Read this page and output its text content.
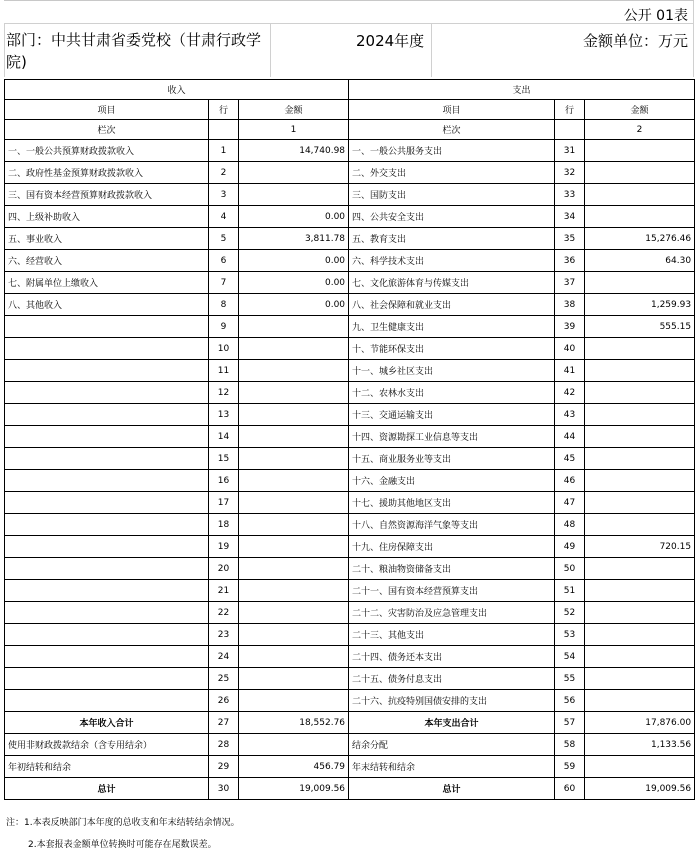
公开 01表
部门：中共甘肃省委党校（甘肃行政学院)
2024年度	金额单位：万元
收入			支出		
项目	行	金额	项目	行	金额
栏次		1	栏次		2
一、一般公共预算财政拨款收入	1	14,740.98	一、一般公共服务支出	31	
二、政府性基金预算财政拨款收入	2		二、外交支出	32	
三、国有资本经营预算财政拨款收入	3		三、国防支出	33	
四、上级补助收入	4	0.00	四、公共安全支出	34	
五、事业收入	5	3,811.78	五、教育支出	35	15,276.46
六、经营收入	6	0.00	六、科学技术支出	36	64.30
七、附属单位上缴收入	7	0.00	七、文化旅游体育与传媒支出	37	
八、其他收入	8	0.00	八、社会保障和就业支出	38	1,259.93
	9		九、卫生健康支出	39	555.15
	10		十、节能环保支出	40	
	11		十一、城乡社区支出	41	
	12		十二、农林水支出	42	
	13		十三、交通运输支出	43	
	14		十四、资源勘探工业信息等支出	44	
	15		十五、商业服务业等支出	45	
	16		十六、金融支出	46	
	17		十七、援助其他地区支出	47	
	18		十八、自然资源海洋气象等支出	48	
	19		十九、住房保障支出	49	720.15
	20		二十、粮油物资储备支出	50	
	21		二十一、国有资本经营预算支出	51	
	22		二十二、灾害防治及应急管理支出	52	
	23		二十三、其他支出	53	
	24		二十四、债务还本支出	54	
	25		二十五、债务付息支出	55	
	26		二十六、抗疫特别国债安排的支出	56	
本年收入合计	27	18,552.76	本年支出合计	57	17,876.00
使用非财政拨款结余（含专用结余）	28		结余分配	58	1,133.56
年初结转和结余	29	456.79	年末结转和结余	59	
总计	30	19,009.56	总计	60	19,009.56
注：1.本表反映部门本年度的总收支和年末结转结余情况。
2.本套报表金额单位转换时可能存在尾数误差。
